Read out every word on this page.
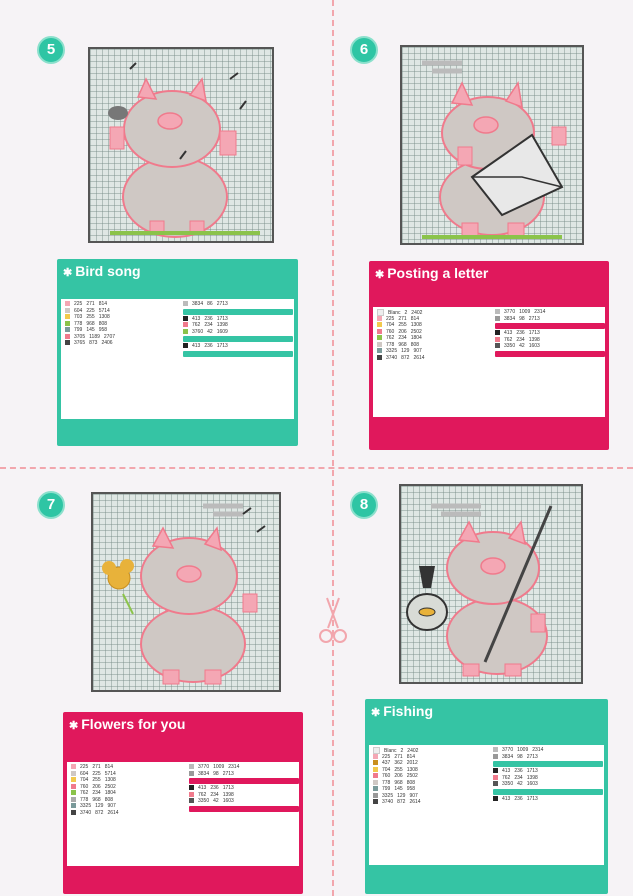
5
✱ Bird song
225 271 814
604 225 5714
703 255 1308
778 968 808
799 145 958
3705 1189 2707
3765 873 2406
3834 86 2713
413 236 1713
762 234 1398
3760 42 1609
413 236 1713
6
✱ Posting a letter
Blanc 2 2402
225 271 814
704 255 1308
760 206 2502
762 234 1804
778 968 808
3325 129 907
3740 872 2614
3770 1009 2314
3834 98 2713
413 236 1713
762 234 1398
3350 42 1603
7
✱ Flowers for you
225 271 814
604 225 5714
704 255 1308
760 206 2502
762 234 1804
778 968 808
3325 129 907
3740 872 2614
3770 1009 2314
3834 98 2713
413 236 1713
762 234 1398
3350 42 1603
8
✱ Fishing
Blanc 2 2402
225 271 814
437 362 2012
704 255 1308
760 206 2502
778 968 808
799 145 958
3325 129 907
3740 872 2614
3770 1009 2314
3834 98 2713
413 236 1713
762 234 1398
3350 42 1603
413 236 1713
